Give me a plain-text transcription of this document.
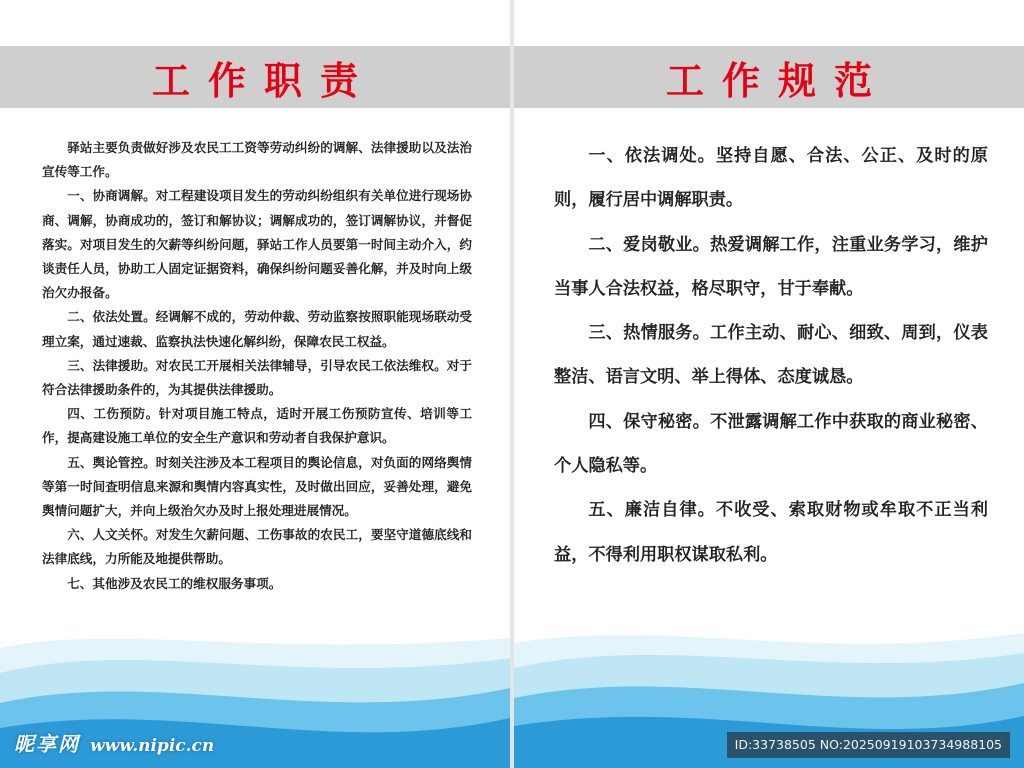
工作职责

驿站主要负责做好涉及农民工工资等劳动纠纷的调解、法律援助以及法治宣传等工作。

一、协商调解。对工程建设项目发生的劳动纠纷组织有关单位进行现场协商、调解，协商成功的，签订和解协议；调解成功的，签订调解协议，并督促落实。对项目发生的欠薪等纠纷问题，驿站工作人员要第一时间主动介入，约谈责任人员，协助工人固定证据资料，确保纠纷问题妥善化解，并及时向上级治欠办报备。

二、依法处置。经调解不成的，劳动仲裁、劳动监察按照职能现场联动受理立案，通过速裁、监察执法快速化解纠纷，保障农民工权益。

三、法律援助。对农民工开展相关法律辅导，引导农民工依法维权。对于符合法律援助条件的，为其提供法律援助。

四、工伤预防。针对项目施工特点，适时开展工伤预防宣传、培训等工作，提高建设施工单位的安全生产意识和劳动者自我保护意识。

五、舆论管控。时刻关注涉及本工程项目的舆论信息，对负面的网络舆情等第一时间查明信息来源和舆情内容真实性，及时做出回应，妥善处理，避免舆情问题扩大，并向上级治欠办及时上报处理进展情况。

六、人文关怀。对发生欠薪问题、工伤事故的农民工，要坚守道德底线和法律底线，力所能及地提供帮助。

七、其他涉及农民工的维权服务事项。

昵享网 www.nipic.cn
工作规范

一、依法调处。坚持自愿、合法、公正、及时的原则，履行居中调解职责。

二、爱岗敬业。热爱调解工作，注重业务学习，维护当事人合法权益，格尽职守，甘于奉献。

三、热情服务。工作主动、耐心、细致、周到，仪表整洁、语言文明、举上得体、态度诚恳。

四、保守秘密。不泄露调解工作中获取的商业秘密、个人隐私等。

五、廉洁自律。不收受、索取财物或牟取不正当利益，不得利用职权谋取私利。

ID:33738505 NO:20250919103734988105
